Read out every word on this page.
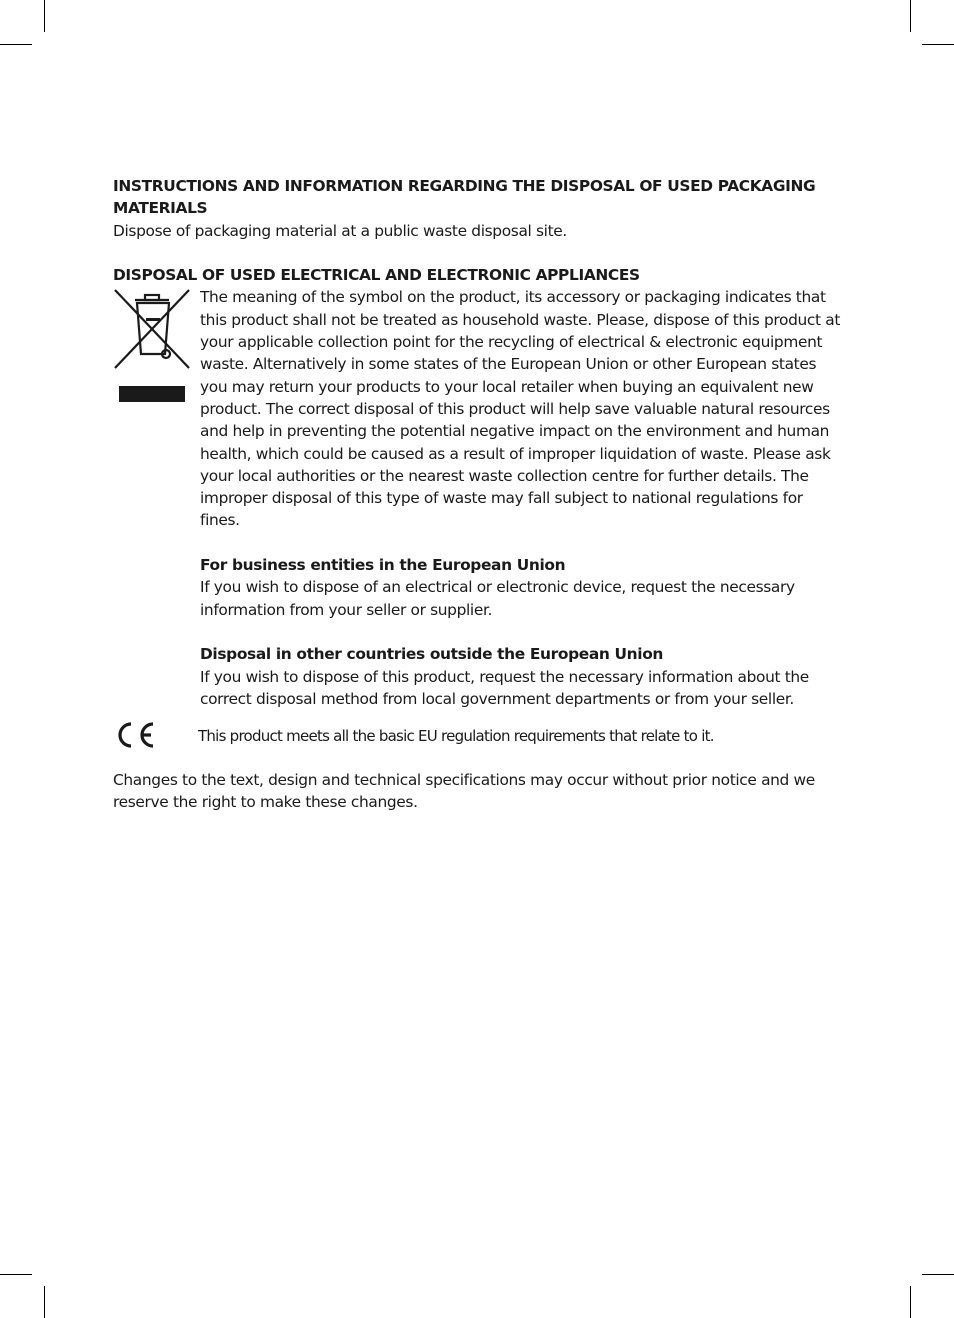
INSTRUCTIONS AND INFORMATION REGARDING THE DISPOSAL OF USED PACKAGING MATERIALS

Dispose of packaging material at a public waste disposal site.

DISPOSAL OF USED ELECTRICAL AND ELECTRONIC APPLIANCES

The meaning of the symbol on the product, its accessory or packaging indicates that this product shall not be treated as household waste. Please, dispose of this product at your applicable collection point for the recycling of electrical & electronic equipment waste. Alternatively in some states of the European Union or other European states you may return your products to your local retailer when buying an equivalent new product. The correct disposal of this product will help save valuable natural resources and help in preventing the potential negative impact on the environment and human health, which could be caused as a result of improper liquidation of waste. Please ask your local authorities or the nearest waste collection centre for further details. The improper disposal of this type of waste may fall subject to national regulations for fines.

For business entities in the European Union

If you wish to dispose of an electrical or electronic device, request the necessary information from your seller or supplier.

Disposal in other countries outside the European Union

If you wish to dispose of this product, request the necessary information about the correct disposal method from local government departments or from your seller.

This product meets all the basic EU regulation requirements that relate to it.

Changes to the text, design and technical specifications may occur without prior notice and we reserve the right to make these changes.
